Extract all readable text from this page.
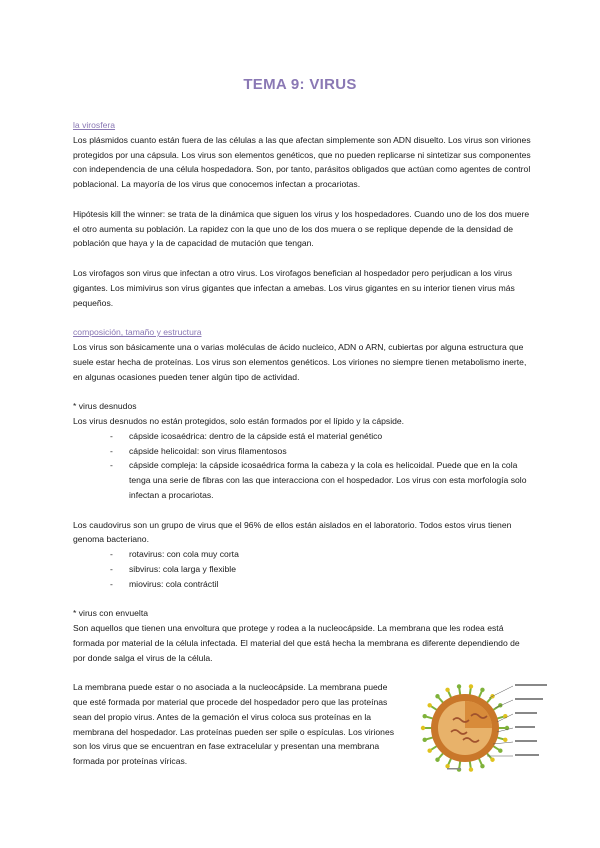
TEMA 9: VIRUS
la virosfera
Los plásmidos cuanto están fuera de las células a las que afectan simplemente son ADN disuelto. Los virus son viriones protegidos por una cápsula. Los virus son elementos genéticos, que no pueden replicarse ni sintetizar sus componentes con independencia de una célula hospedadora. Son, por tanto, parásitos obligados que actúan como agentes de control poblacional. La mayoría de los virus que conocemos infectan a procariotas.
Hipótesis kill the winner: se trata de la dinámica que siguen los virus y los hospedadores. Cuando uno de los dos muere el otro aumenta su población. La rapidez con la que uno de los dos muera o se replique depende de la densidad de población que haya y la de capacidad de mutación que tengan.
Los virofagos son virus que infectan a otro virus. Los virofagos benefician al hospedador pero perjudican a los virus gigantes. Los mimivirus son virus gigantes que infectan a amebas. Los virus gigantes en su interior tienen virus más pequeños.
composición, tamaño y estructura
Los virus son básicamente una o varias moléculas de ácido nucleico, ADN o ARN, cubiertas por alguna estructura que suele estar hecha de proteínas. Los virus son elementos genéticos. Los viriones no siempre tienen metabolismo inerte, en algunas ocasiones pueden tener algún tipo de actividad.
* virus desnudos
Los virus desnudos no están protegidos, solo están formados por el lípido y la cápside.
- cápside icosaédrica: dentro de la cápside está el material genético
- cápside helicoidal: son virus filamentosos
- cápside compleja: la cápside icosaédrica forma la cabeza y la cola es helicoidal. Puede que en la cola tenga una serie de fibras con las que interacciona con el hospedador. Los virus con esta morfología solo infectan a procariotas.
Los caudovirus son un grupo de virus que el 96% de ellos están aislados en el laboratorio. Todos estos virus tienen genoma bacteriano.
- rotavirus: con cola muy corta
- sibvirus: cola larga y flexible
- miovirus: cola contráctil
* virus con envuelta
Son aquellos que tienen una envoltura que protege y rodea a la nucleocápside. La membrana que les rodea está formada por material de la célula infectada. El material del que está hecha la membrana es diferente dependiendo de por donde salga el virus de la célula.
La membrana puede estar o no asociada a la nucleocápside. La membrana puede que esté formada por material que procede del hospedador pero que las proteínas sean del propio virus. Antes de la gemación el virus coloca sus proteínas en la membrana del hospedador. Las proteínas pueden ser spile o espículas. Los viriones son los virus que se encuentran en fase extracelular y presentan una membrana formada por proteínas víricas.
